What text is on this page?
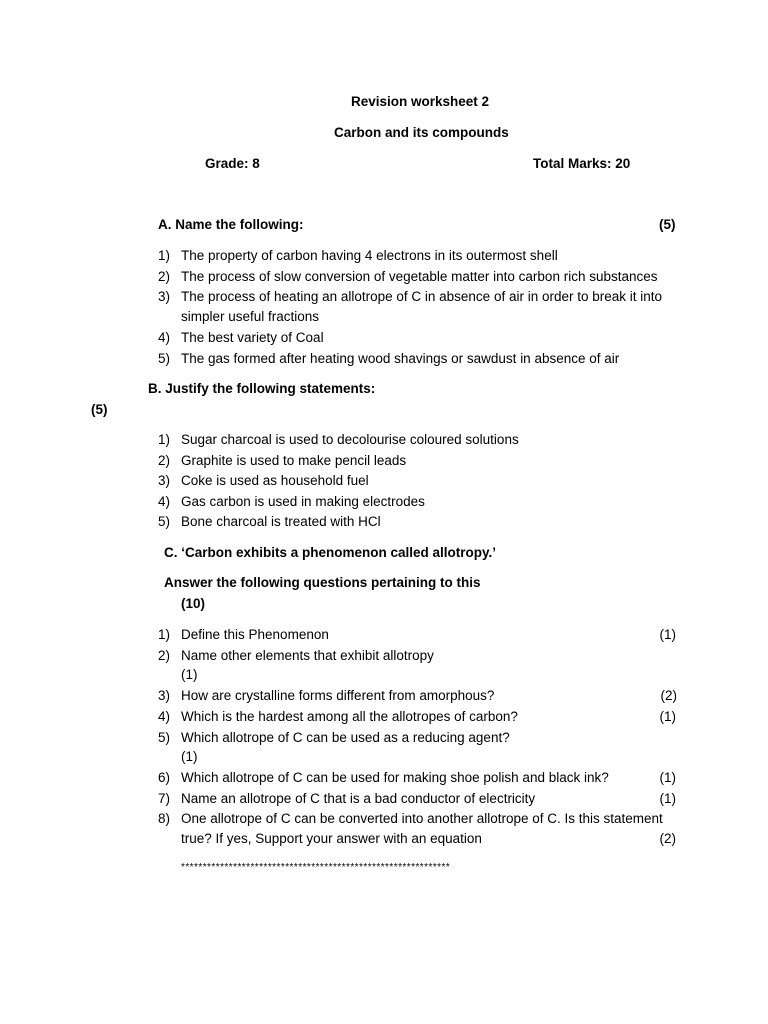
Revision worksheet 2
Carbon and its compounds
Grade: 8	Total Marks: 20
A. Name the following:	(5)
1) The property of carbon having 4 electrons in its outermost shell
2) The process of slow conversion of vegetable matter into carbon rich substances
3) The process of heating an allotrope of C in absence of air in order to break it into
simpler useful fractions
4) The best variety of Coal
5) The gas formed after heating wood shavings or sawdust in absence of air
B. Justify the following statements:
(5)
1) Sugar charcoal is used to decolourise coloured solutions
2) Graphite is used to make pencil leads
3) Coke is used as household fuel
4) Gas carbon is used in making electrodes
5) Bone charcoal is treated with HCl
C. ‘Carbon exhibits a phenomenon called allotropy.’
Answer the following questions pertaining to this
(10)
1) Define this Phenomenon	(1)
2) Name other elements that exhibit allotropy
(1)
3) How are crystalline forms different from amorphous?	(2)
4) Which is the hardest among all the allotropes of carbon?	(1)
5) Which allotrope of C can be used as a reducing agent?
(1)
6) Which allotrope of C can be used for making shoe polish and black ink?	(1)
7) Name an allotrope of C that is a bad conductor of electricity	(1)
8) One allotrope of C can be converted into another allotrope of C. Is this statement
true? If yes, Support your answer with an equation	(2)
**************************************************************
